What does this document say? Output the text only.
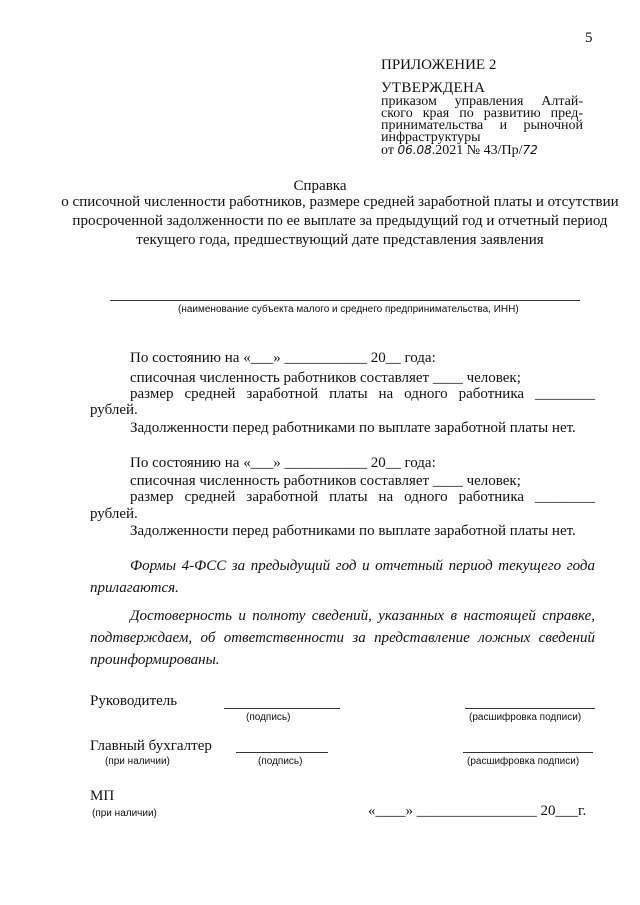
5
ПРИЛОЖЕНИЕ 2
УТВЕРЖДЕНА
приказом управления Алтай-
ского края по развитию пред-
принимательства и рыночной
инфраструктуры
от 06.08.2021 № 43/Пр/72
Справка
о списочной численности работников, размере средней заработной платы и отсутствии просроченной задолженности по ее выплате за предыдущий год и отчетный период текущего года, предшествующий дате представления заявления
(наименование субъекта малого и среднего предпринимательства, ИНН)
По состоянию на «___» ___________ 20__ года:
списочная численность работников составляет ____ человек;
размер средней заработной платы на одного работника ________
рублей.
Задолженности перед работниками по выплате заработной платы нет.
По состоянию на «___» ___________ 20__ года:
списочная численность работников составляет ____ человек;
размер средней заработной платы на одного работника ________
рублей.
Задолженности перед работниками по выплате заработной платы нет.
Формы 4-ФСС за предыдущий год и отчетный период текущего года
прилагаются.
Достоверность и полноту сведений, указанных в настоящей справке,
подтверждаем, об ответственности за представление ложных сведений
проинформированы.
Руководитель
(подпись)	(расшифровка подписи)
Главный бухгалтер
(при наличии)	(подпись)	(расшифровка подписи)
МП
(при наличии)	«____» ________________ 20___г.
